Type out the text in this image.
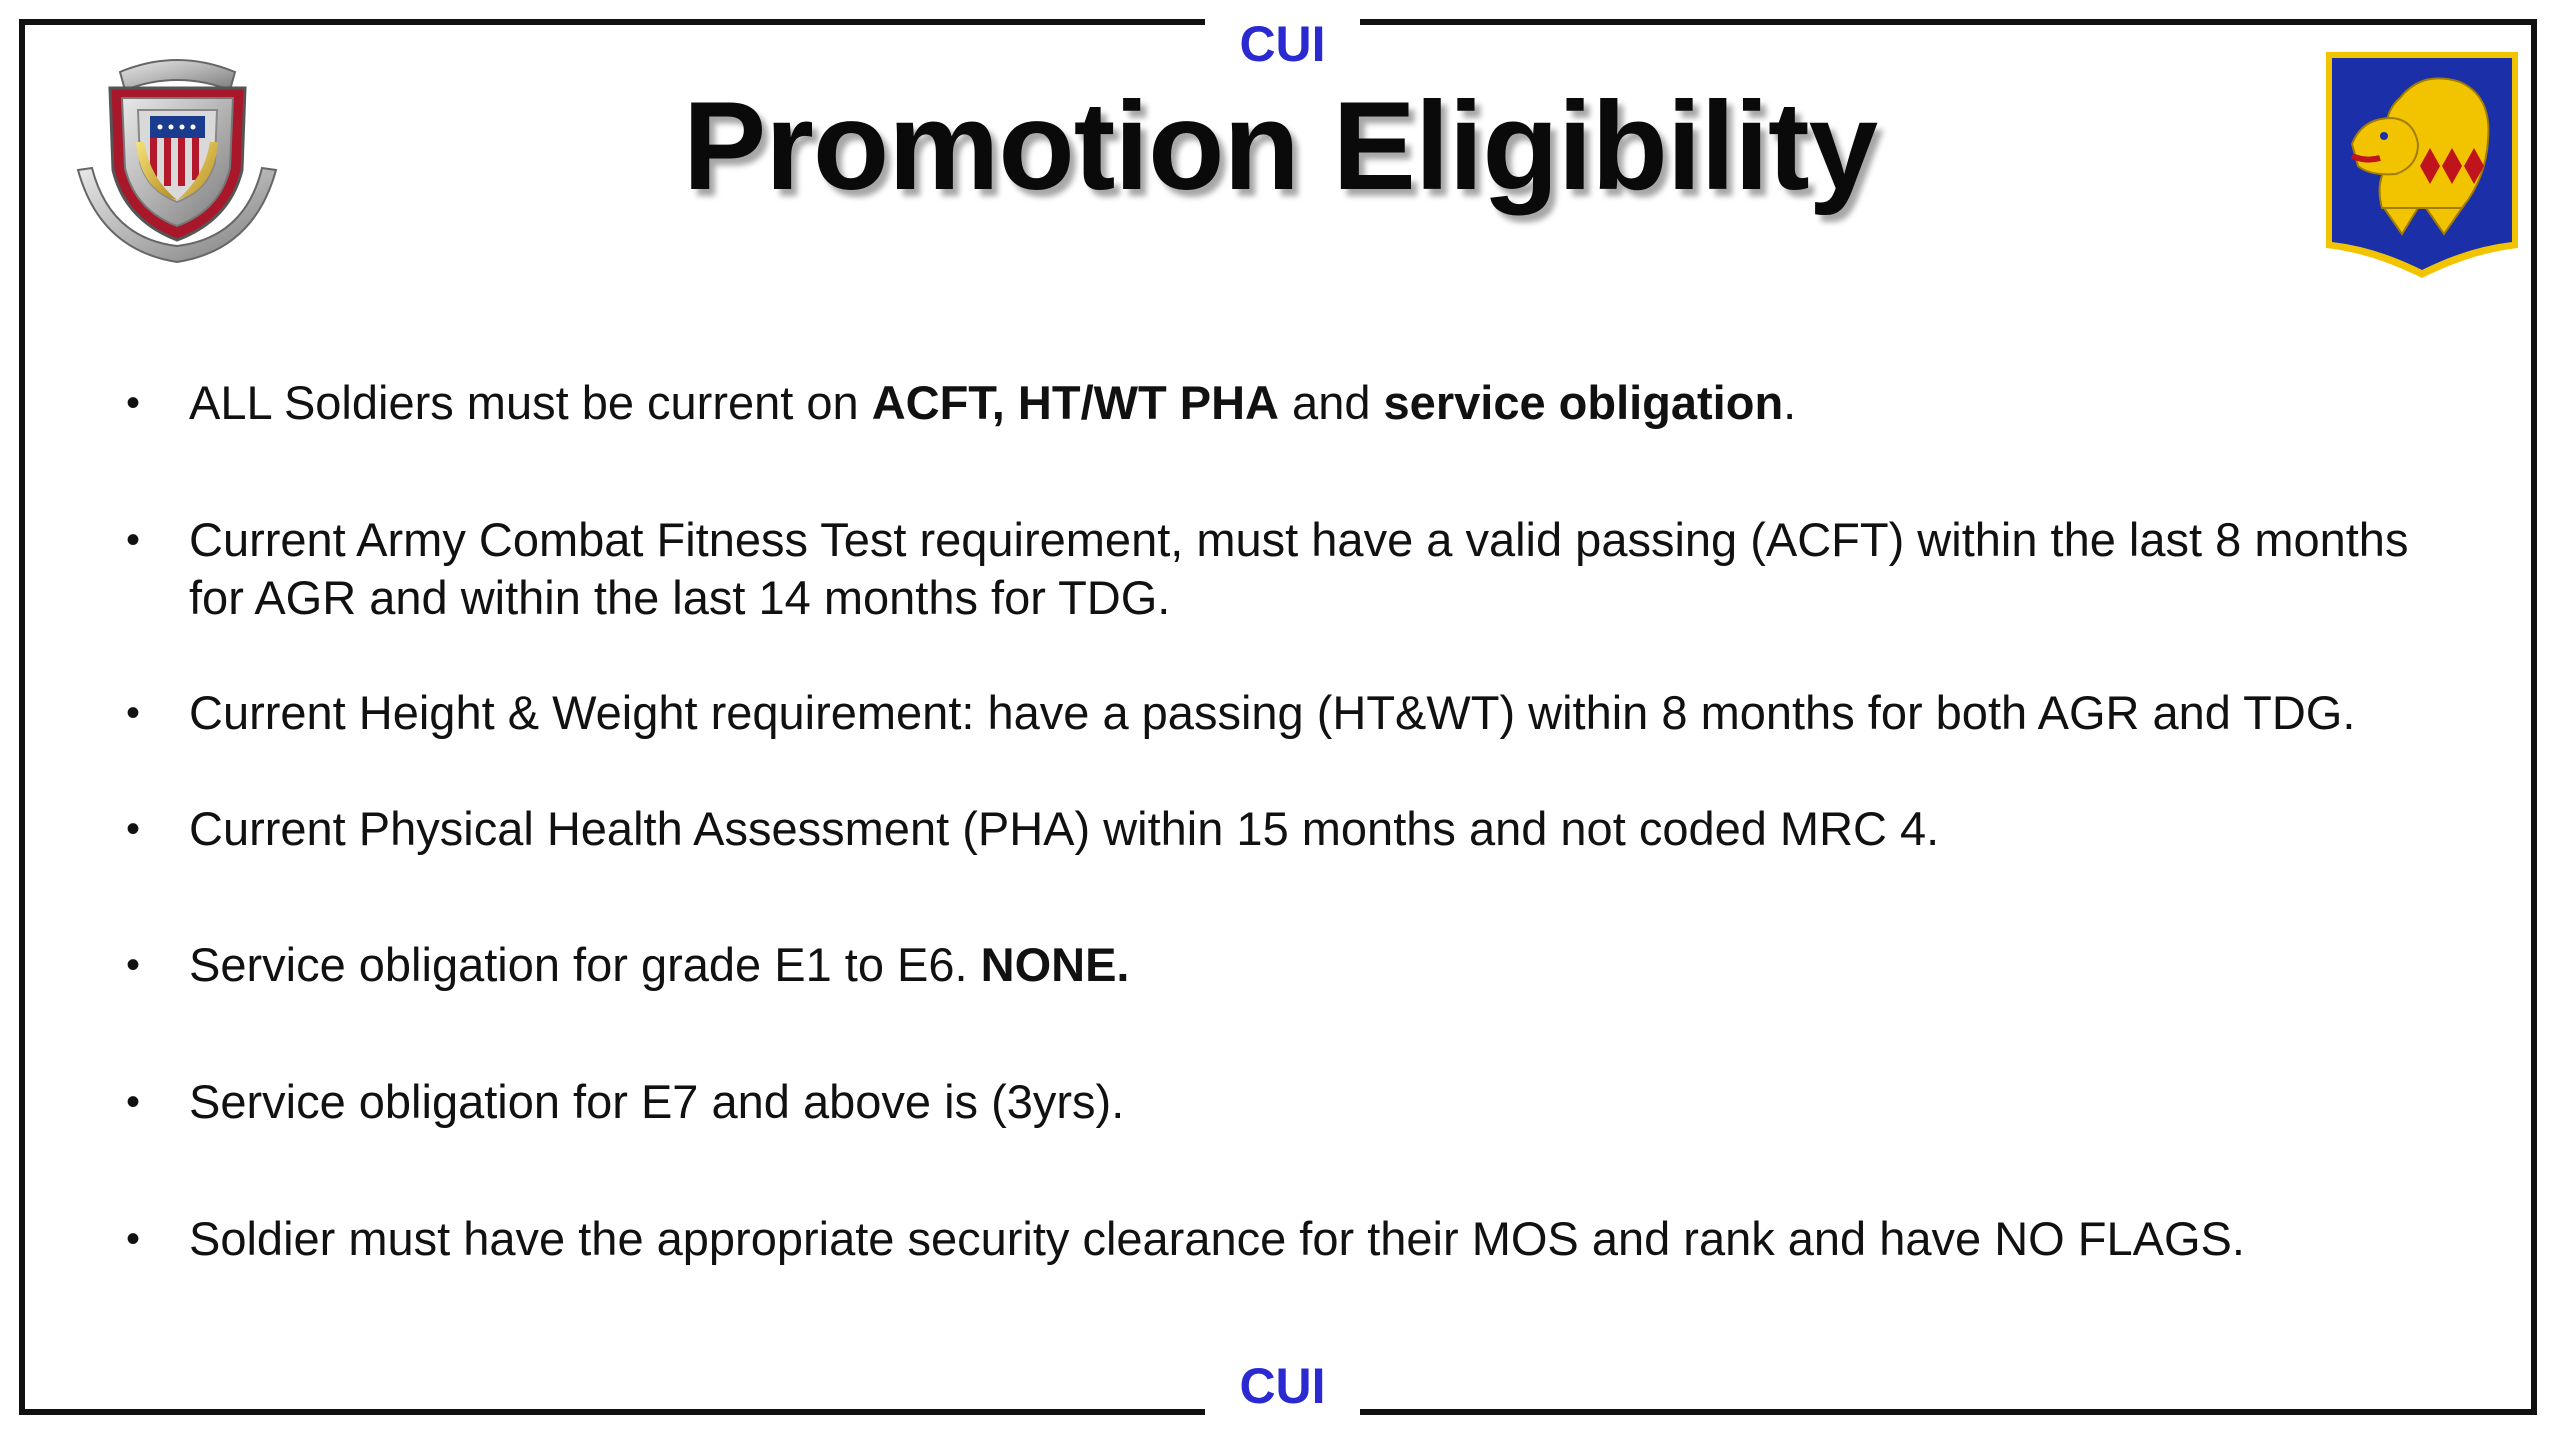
CUI
CUI
Promotion Eligibility
• ALL Soldiers must be current on ACFT, HT/WT PHA and service obligation.
• Current Army Combat Fitness Test requirement, must have a valid passing (ACFT) within the last 8 months for AGR and within the last 14 months for TDG.
• Current Height & Weight requirement: have a passing (HT&WT) within 8 months for both AGR and TDG.
• Current Physical Health Assessment (PHA) within 15 months and not coded MRC 4.
• Service obligation for grade E1 to E6. NONE.
• Service obligation for E7 and above is (3yrs).
• Soldier must have the appropriate security clearance for their MOS and rank and have NO FLAGS.
